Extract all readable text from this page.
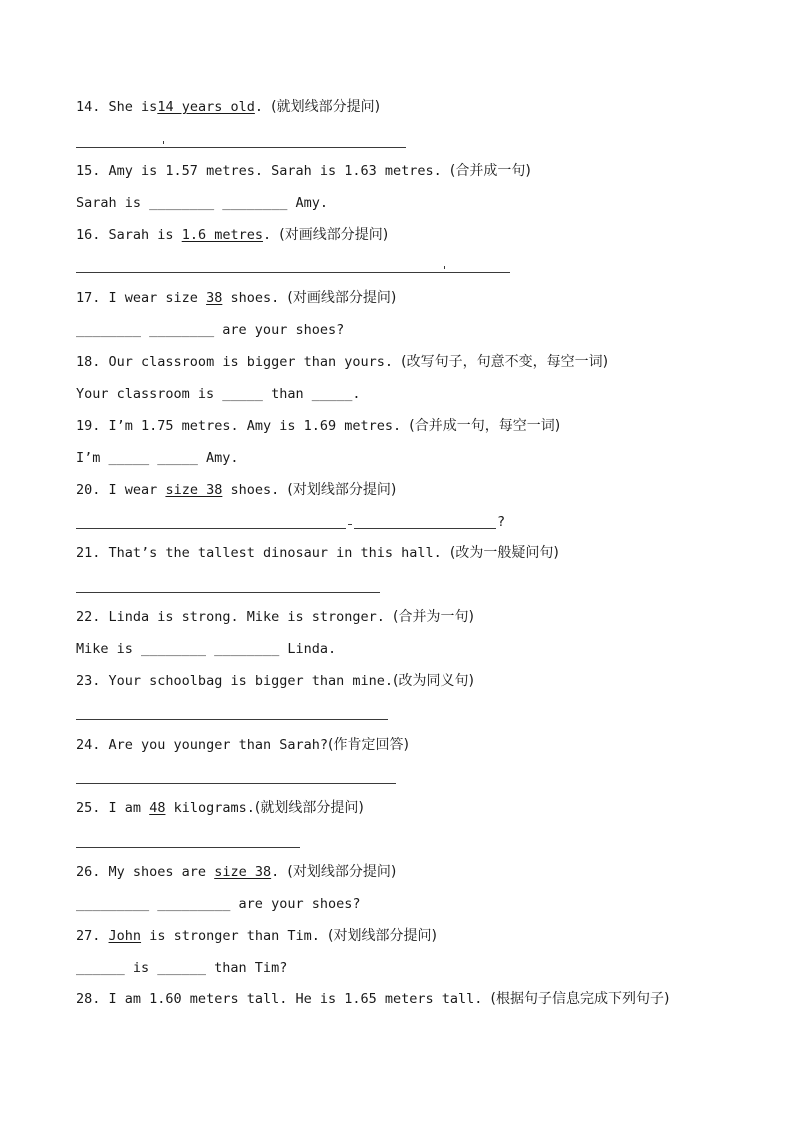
14. She is14 years old. (就划线部分提问)
15. Amy is 1.57 metres. Sarah is 1.63 metres. (合并成一句)
Sarah is ________ ________ Amy.
16. Sarah is 1.6 metres. (对画线部分提问)
17. I wear size 38 shoes. (对画线部分提问)
________ ________ are your shoes?
18. Our classroom is bigger than yours. (改写句子，句意不变，每空一词)
Your classroom is _____ than _____.
19. I’m 1.75 metres. Amy is 1.69 metres. (合并成一句，每空一词)
I’m _____ _____ Amy.
20. I wear size 38 shoes. (对划线部分提问)
?
21. That’s the tallest dinosaur in this hall. (改为一般疑问句)
22. Linda is strong. Mike is stronger. (合并为一句)
Mike is ________ ________ Linda.
23. Your schoolbag is bigger than mine.(改为同义句)
24. Are you younger than Sarah?(作肯定回答)
25. I am 48 kilograms.(就划线部分提问)
26. My shoes are size 38. (对划线部分提问)
_________ _________ are your shoes?
27. John is stronger than Tim. (对划线部分提问)
______ is ______ than Tim?
28. I am 1.60 meters tall. He is 1.65 meters tall. (根据句子信息完成下列句子)
